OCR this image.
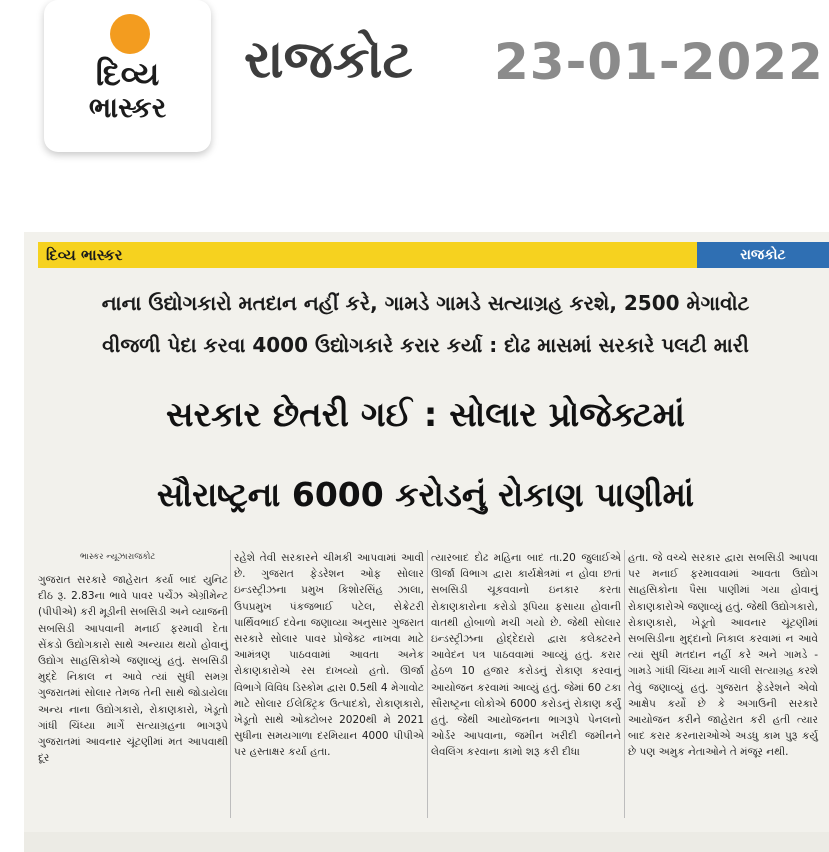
દિવ્ય
ભાસ્કર
રાજકોટ 23-01-2022
દિવ્ય ભાસ્કર	રાજકોટ
નાના ઉદ્યોગકારો મતદાન નહીં કરે, ગામડે ગામડે સત્યાગ્રહ કરશે, 2500 મેગાવોટ
વીજળી પેદા કરવા 4000 ઉદ્યોગકારે કરાર કર્યા : દોઢ માસમાં સરકારે પલટી મારી
સરકાર છેતરી ગઈ : સોલાર પ્રોજેક્ટમાં
સૌરાષ્ટ્રના 6000 કરોડનું રોકાણ પાણીમાં
ભાસ્કર ન્યૂઝ।રાજકોટ

ગુજરાત સરકારે જાહેરાત કર્યા બાદ યુનિટ દીઠ રૂ. 2.83ના ભાવે પાવર પર્ચેઝ એગ્રીમેન્ટ (પીપીએ) કરી મૂડીની સબસિડી અને વ્યાજની સબસિડી આપવાની મનાઈ ફરમાવી દેતા સેંકડો ઉદ્યોગકારો સાથે અન્યાય થયો હોવાનું ઉદ્યોગ સાહસિકોએ જણાવ્યું હતું. સબસિડી મુદ્દે નિકાલ ન આવે ત્યાં સુધી સમગ્ર ગુજરાતમાં સોલાર તેમજ તેની સાથે જોડાયેલા અન્ય નાના ઉદ્યોગકારો, રોકાણકારો, ખેડૂતો ગાંધી ચિંધ્યા માર્ગે સત્યાગ્રહના ભાગરૂપે ગુજરાતમાં આવનાર ચૂંટણીમાં મત આપવાથી દૂર

રહેશે તેવી સરકારને ચીમકી આપવામાં આવી છે. ગુજરાત ફેડરેશન ઓફ સોલાર ઇન્ડસ્ટ્રીઝના પ્રમુખ કિશોરસિંહ ઝાલા, ઉપપ્રમુખ પંકજભાઈ પટેલ, સેક્રેટરી પાર્થિવભાઈ દવેના જણાવ્યા અનુસાર ગુજરાત સરકારે સોલાર પાવર પ્રોજેક્ટ નાખવા માટે આમંત્રણ પાઠવવામાં આવતા અનેક રોકાણકારોએ રસ દાખવ્યો હતો. ઊર્જા વિભાગે વિવિધ ડિસ્કોમ દ્વારા 0.5થી 4 મેગાવોટ માટે સોલાર ઈલેક્ટ્રિક ઉત્પાદકો, રોકાણકારો, ખેડૂતો સાથે ઓક્ટોબર 2020થી મે 2021 સુધીના સમયગાળા દરમિયાન 4000 પીપીએ પર હસ્તાક્ષર કર્યા હતા.

ત્યારબાદ દોઢ મહિના બાદ તા.20 જુલાઈએ ઊર્જા વિભાગ દ્વારા કાર્યક્ષેત્રમાં ન હોવા છતાં સબસિડી ચૂકવવાનો ઇનકાર કરતા રોકાણકારોના કરોડો રૂપિયા ફસાયા હોવાની વાતથી હોબાળો મચી ગયો છે. જેથી સોલાર ઇન્ડસ્ટ્રીઝના હોદ્દેદારો દ્વારા કલેક્ટરને આવેદન પત્ર પાઠવવામાં આવ્યું હતું. કરાર હેઠળ 10 હજાર કરોડનું રોકાણ કરવાનું આયોજન કરવામાં આવ્યું હતું. જેમાં 60 ટકા સૌરાષ્ટ્રના લોકોએ 6000 કરોડનું રોકાણ કર્યું હતું. જેથી આયોજનના ભાગરૂપે પેનલનો ઓર્ડર આપવાના, જમીન ખરીદી જમીનને લેવલિંગ કરવાના કામો શરૂ કરી દીધા

હતા. જે વચ્ચે સરકાર દ્વારા સબસિડી આપવા પર મનાઈ ફરમાવવામાં આવતા ઉદ્યોગ સાહસિકોના પૈસા પાણીમાં ગયા હોવાનું રોકાણકારોએ જણાવ્યું હતું. જેથી ઉદ્યોગકારો, રોકાણકારો, ખેડૂતો આવનાર ચૂંટણીમાં સબસિડીના મુદ્દાનો નિકાલ કરવામાં ન આવે ત્યાં સુધી મતદાન નહીં કરે અને ગામડે - ગામડે ગાંધી ચિંધ્યા માર્ગ ચાલી સત્યાગ્રહ કરશે તેવું જણાવ્યું હતું. ગુજરાત ફેડરેશને એવો આક્ષેપ કર્યો છે કે અગાઉની સરકારે આયોજન કરીને જાહેરાત કરી હતી ત્યાર બાદ કરાર કરનારાઓએ અડધુ કામ પુરૂ કર્યુ છે પણ અમુક નેતાઓને તે મંજૂર નથી.
